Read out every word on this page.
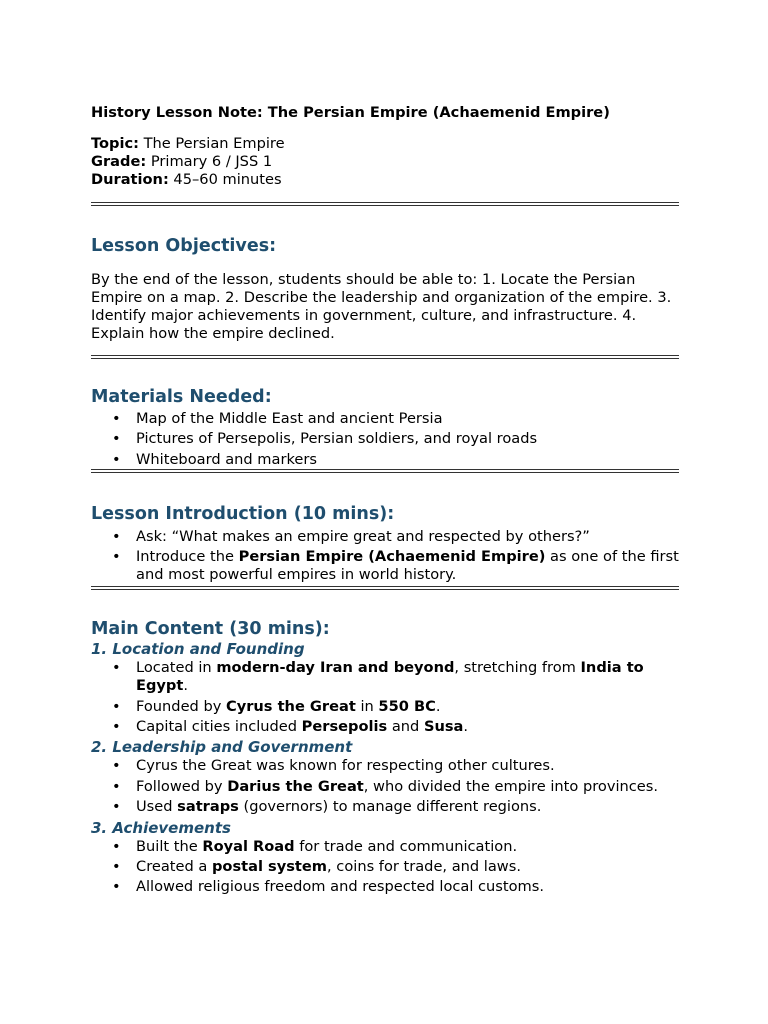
History Lesson Note: The Persian Empire (Achaemenid Empire)

Topic: The Persian Empire

Grade: Primary 6 / JSS 1

Duration: 45–60 minutes

Lesson Objectives:

By the end of the lesson, students should be able to: 1. Locate the Persian Empire on a map. 2. Describe the leadership and organization of the empire. 3. Identify major achievements in government, culture, and infrastructure. 4. Explain how the empire declined.

Materials Needed:
• Map of the Middle East and ancient Persia
• Pictures of Persepolis, Persian soldiers, and royal roads
• Whiteboard and markers
Lesson Introduction (10 mins):
• Ask: “What makes an empire great and respected by others?”
• Introduce the Persian Empire (Achaemenid Empire) as one of the first and most powerful empires in world history.
Main Content (30 mins):
1. Location and Founding
• Located in modern-day Iran and beyond, stretching from India to Egypt.
• Founded by Cyrus the Great in 550 BC.
• Capital cities included Persepolis and Susa.
2. Leadership and Government
• Cyrus the Great was known for respecting other cultures.
• Followed by Darius the Great, who divided the empire into provinces.
• Used satraps (governors) to manage different regions.
3. Achievements
• Built the Royal Road for trade and communication.
• Created a postal system, coins for trade, and laws.
• Allowed religious freedom and respected local customs.
